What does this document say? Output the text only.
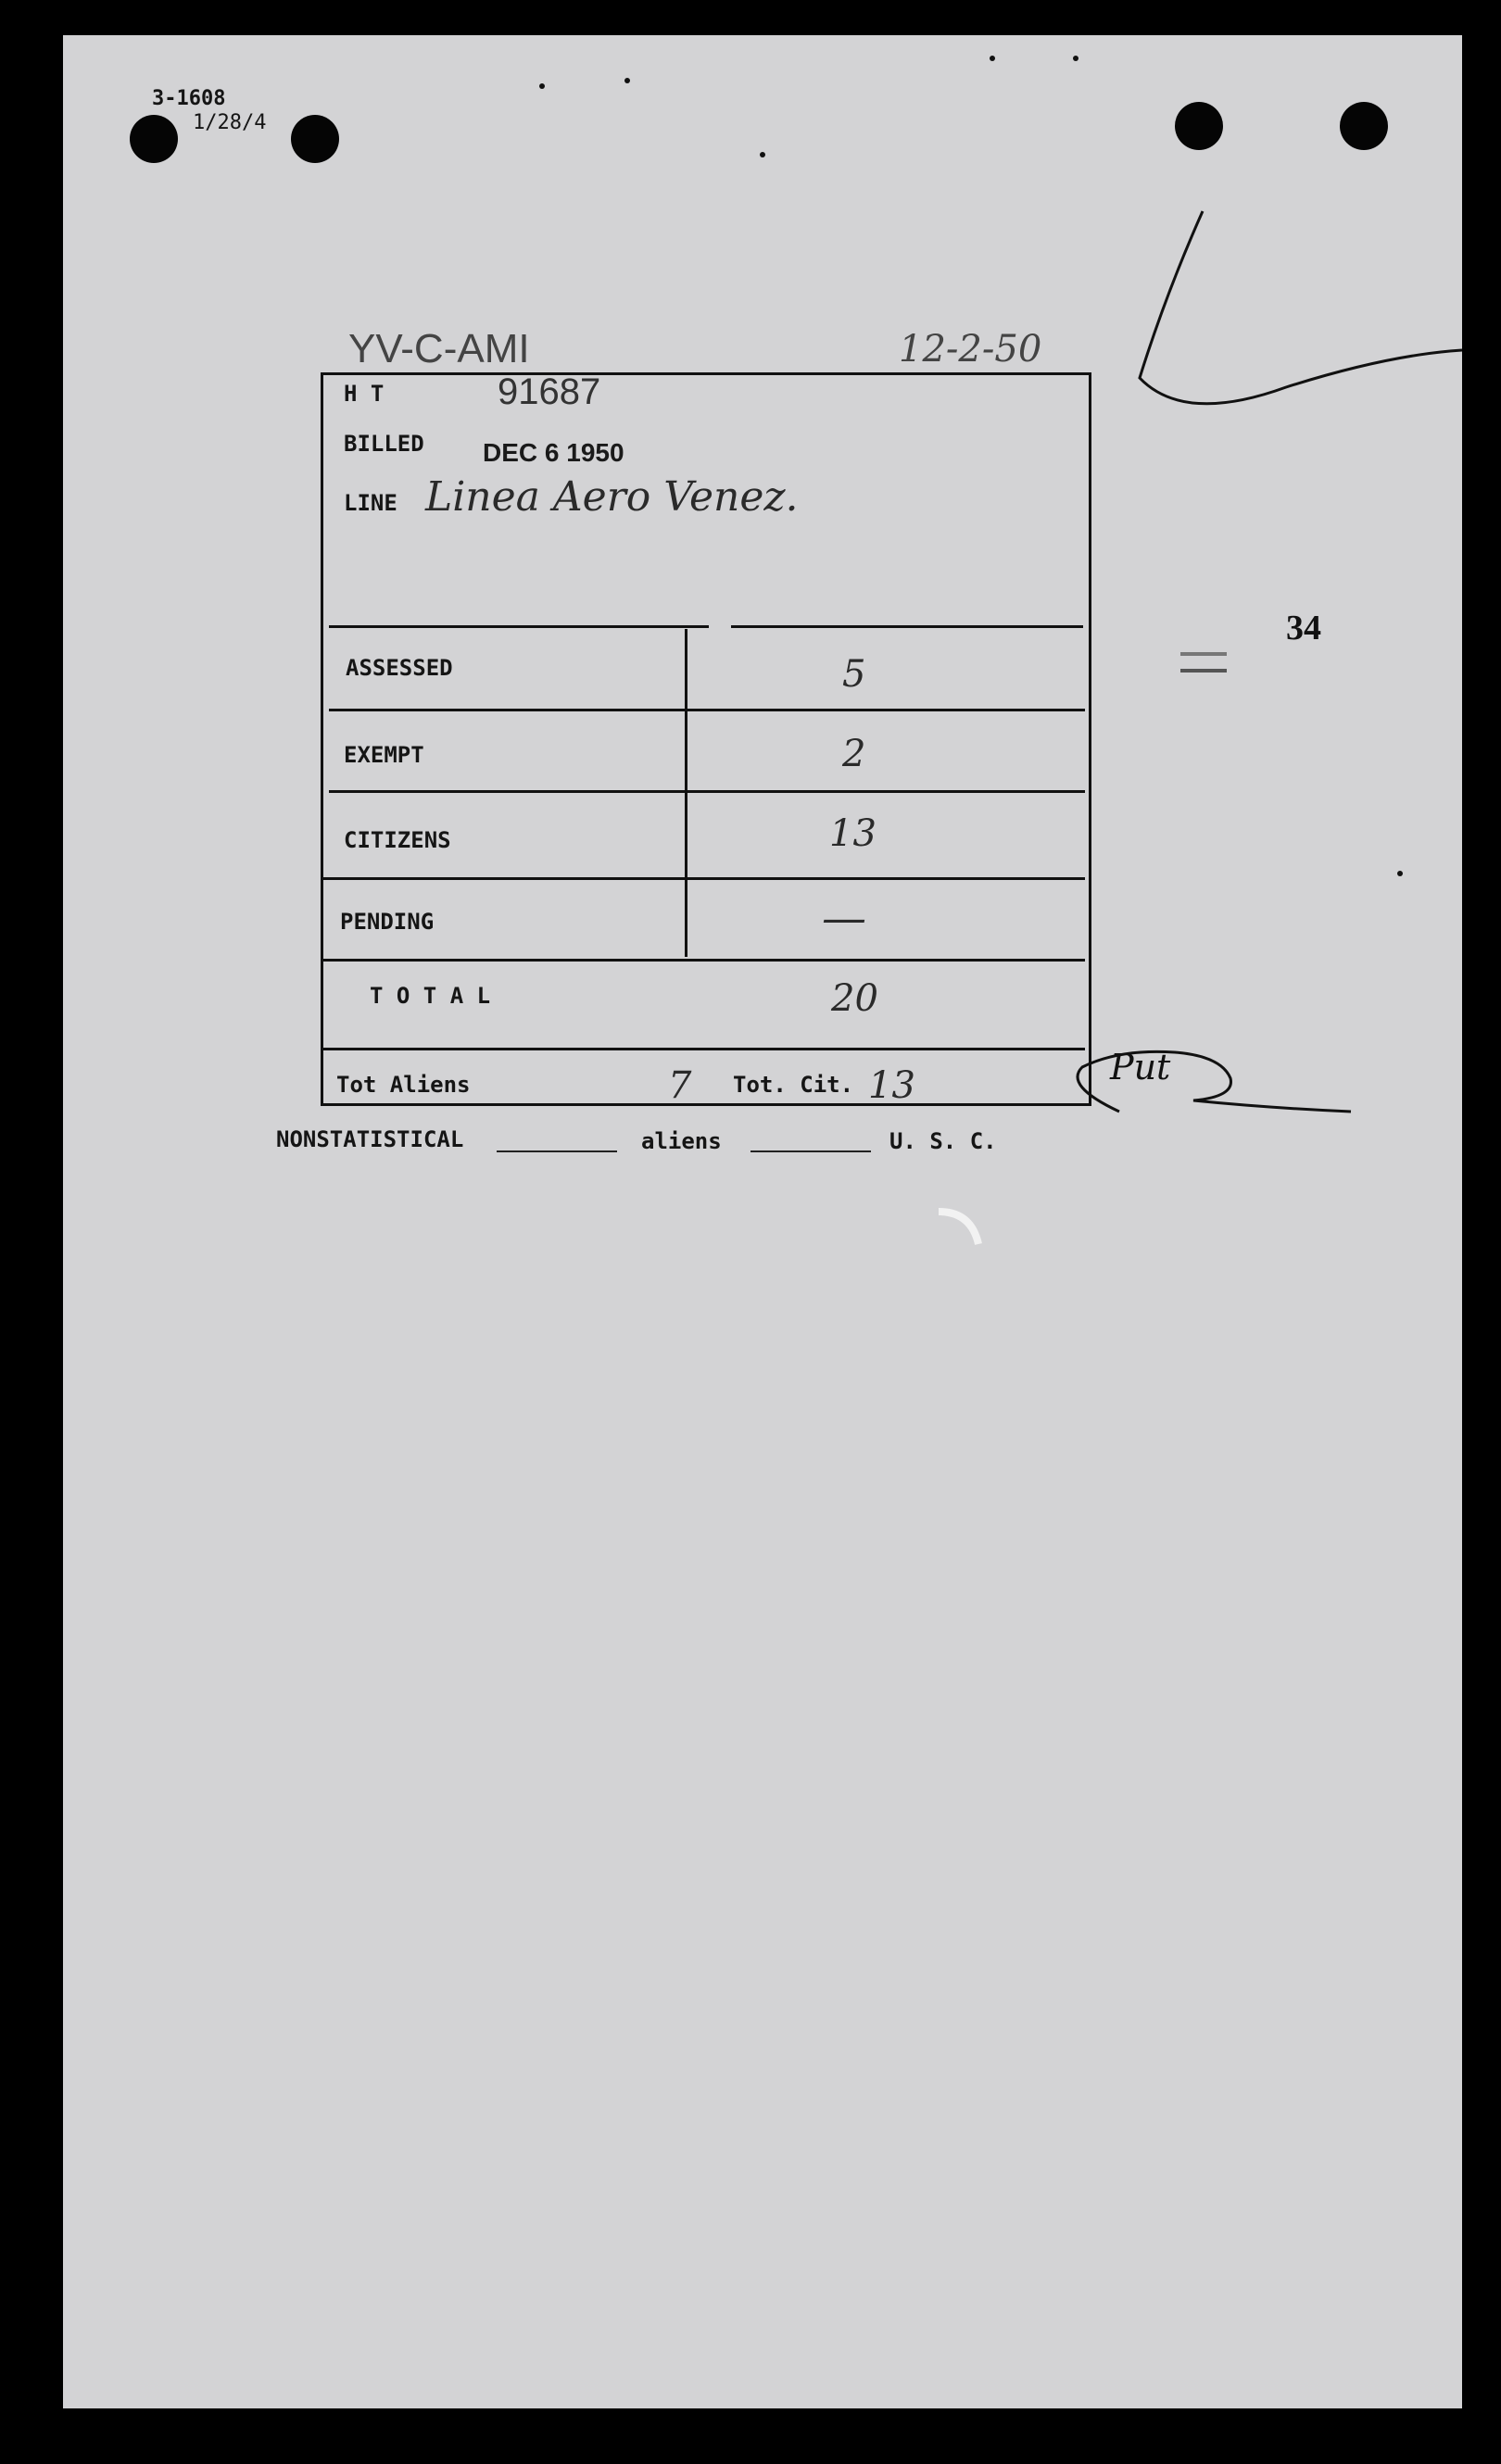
3-1608
1/28/4
YV-C-AMI	12-2-50
H T	91687
BILLED DEC 6 1950
LINE Linea Aero Venez.
ASSESSED	5
EXEMPT	2
CITIZENS	13
PENDING	—
T O T A L	20
Tot Aliens	7 Tot. Cit. 13
34
Put
NONSTATISTICAL	aliens	U. S. C.
